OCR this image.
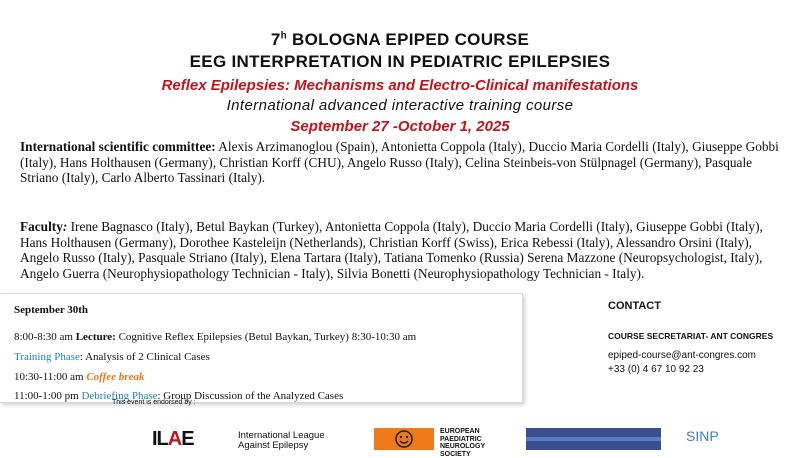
7$^h$ BOLOGNA EPIPED COURSE
EEG INTERPRETATION IN PEDIATRIC EPILEPSIES
Reflex Epilepsies: Mechanisms and Electro-Clinical manifestations
International advanced interactive training course
September 27 -October 1, 2025
International scientific committee: Alexis Arzimanoglou (Spain), Antonietta Coppola (Italy), Duccio Maria Cordelli (Italy), Giuseppe Gobbi (Italy), Hans Holthausen (Germany), Christian Korff (CHU), Angelo Russo (Italy), Celina Steinbeis-von Stülpnagel (Germany), Pasquale Striano (Italy), Carlo Alberto Tassinari (Italy).
Faculty: Irene Bagnasco (Italy), Betul Baykan (Turkey), Antonietta Coppola (Italy), Duccio Maria Cordelli (Italy), Giuseppe Gobbi (Italy), Hans Holthausen (Germany), Dorothee Kasteleijn (Netherlands), Christian Korff (Swiss), Erica Rebessi (Italy), Alessandro Orsini (Italy), Angelo Russo (Italy), Pasquale Striano (Italy), Elena Tartara (Italy), Tatiana Tomenko (Russia) Serena Mazzone (Neuropsychologist, Italy), Angelo Guerra (Neurophysiopathology Technician - Italy), Silvia Bonetti (Neurophysiopathology Technician - Italy).
September 30th
8:00-8:30 am Lecture: Cognitive Reflex Epilepsies (Betul Baykan, Turkey) 8:30-10:30 am
Training Phase: Analysis of 2 Clinical Cases
10:30-11:00 am Coffee break
11:00-1:00 pm Debriefing Phase: Group Discussion of the Analyzed Cases
This event is endorsed by :
CONTACT
COURSE SECRETARIAT- ANT CONGRES
epiped-course@ant-congres.com
+33 (0) 4 67 10 92 23
ILAE	International League
Against Epilepsy
EUROPEAN
PAEDIATRIC
NEUROLOGY
SOCIETY
SINP
